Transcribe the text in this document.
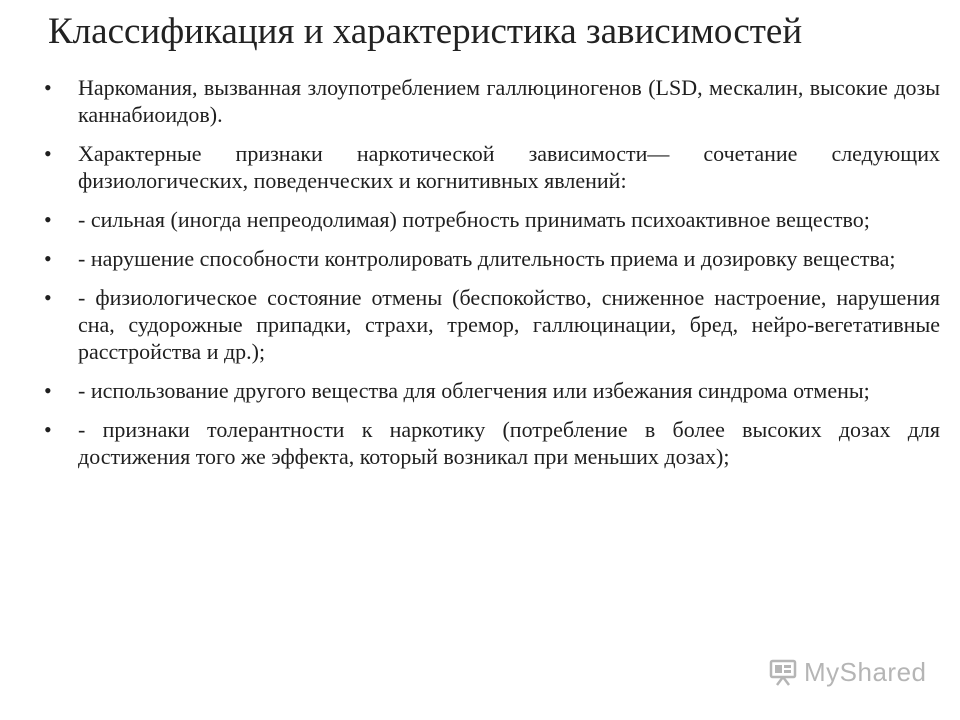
Классификация и характеристика зависимостей
•	Наркомания, вызванная злоупотреблением галлюциногенов (LSD, мескалин, высокие дозы каннабиоидов).
•	Характерные признаки наркотической зависимости— сочетание следующих физиологических, поведенческих и когнитивных явлений:
•	- сильная (иногда непреодолимая) потребность принимать психоактивное вещество;
•	- нарушение способности контролировать длительность приема и дозировку вещества;
•	- физиологическое состояние отмены (беспокойство, сниженное настроение, нарушения сна, судорожные припадки, страхи, тремор, галлюцинации, бред, нейро-вегетативные расстройства и др.);
•	- использование другого вещества для облегчения или избежания синдрома отмены;
•	- признаки толерантности к наркотику (потребление в более высоких дозах для достижения того же эффекта, который возникал при меньших дозах);
MyShared
